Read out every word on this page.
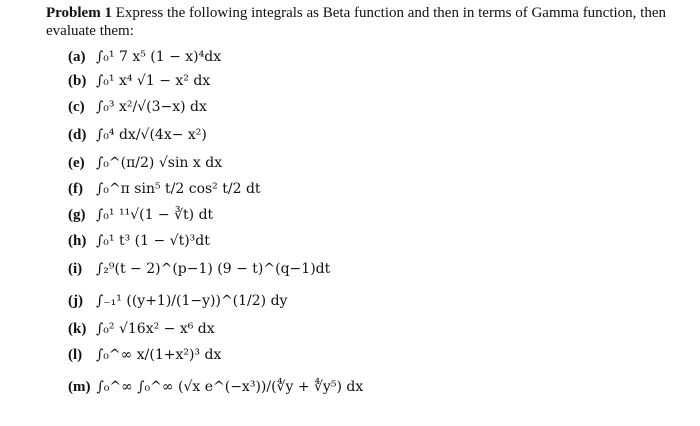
Problem 1 Express the following integrals as Beta function and then in terms of Gamma function, then evaluate them:
(a) ∫₀¹ 7 x⁵ (1 − x)⁴dx
(b) ∫₀¹ x⁴ √1 − x² dx
(c) ∫₀³ x²/√(3−x) dx
(d) ∫₀⁴ dx/√(4x− x²)
(e) ∫₀^(π/2) √sin x dx
(f) ∫₀^π sin⁵ t/2 cos² t/2 dt
(g) ∫₀¹ ¹¹√(1 − ∛t) dt
(h) ∫₀¹ t³ (1 − √t)³dt
(i) ∫₂⁹(t − 2)^(p−1) (9 − t)^(q−1)dt
(j) ∫₋₁¹ ((y+1)/(1−y))^(1/2) dy
(k) ∫₀² √16x² − x⁶ dx
(l) ∫₀^∞ x/(1+x²)³ dx
(m) ∫₀^∞ ∫₀^∞ (√x e^(−x³))/(∜y + ∜y⁵) dx
